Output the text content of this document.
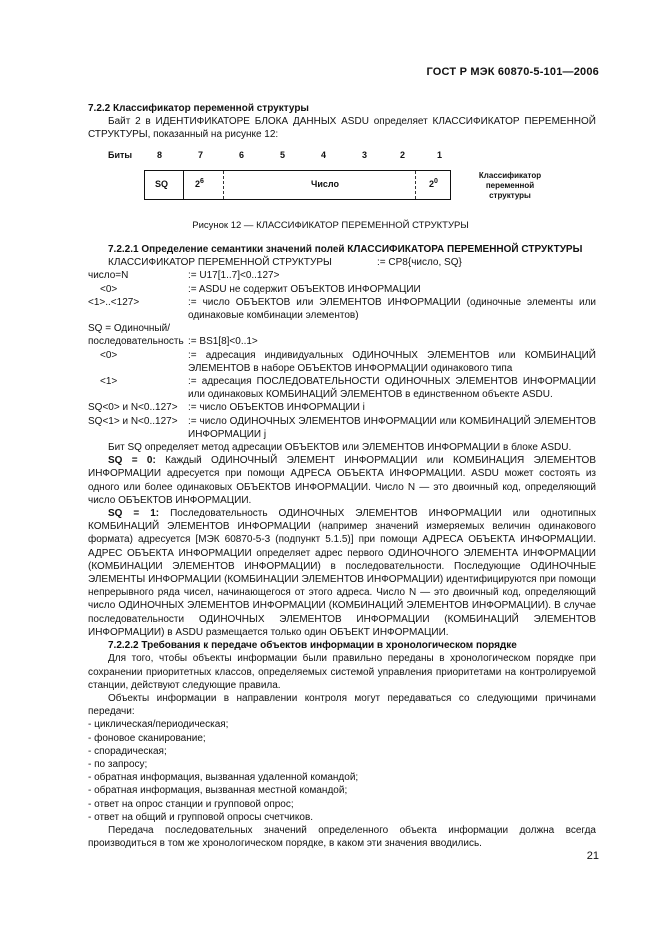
ГОСТ Р МЭК 60870-5-101—2006

7.2.2 Классификатор переменной структуры

Байт 2 в ИДЕНТИФИКАТОРЕ БЛОКА ДАННЫХ ASDU определяет КЛАССИФИКАТОР ПЕРЕМЕННОЙ СТРУКТУРЫ, показанный на рисунке 12:

Биты	8	7	6	5	4	3	2	1
SQ	$2^6$	Число	$2^0$
Классификатор переменной структуры
Рисунок 12 — КЛАССИФИКАТОР ПЕРЕМЕННОЙ СТРУКТУРЫ

7.2.2.1 Определение семантики значений полей КЛАССИФИКАТОРА ПЕРЕМЕННОЙ СТРУКТУРЫ

КЛАССИФИКАТОР ПЕРЕМЕННОЙ СТРУКТУРЫ	:= CP8{число, SQ}
число=N	:= U17[1..7]<0..127>
<0>	:= ASDU не содержит ОБЪЕКТОВ ИНФОРМАЦИИ
<1>..<127>	:= число ОБЪЕКТОВ или ЭЛЕМЕНТОВ ИНФОРМАЦИИ (одиночные элементы или одинаковые комбинации элементов)
SQ = Одиночный/	
последовательность	:= BS1[8]<0..1>
<0>	:= адресация индивидуальных ОДИНОЧНЫХ ЭЛЕМЕНТОВ или КОМБИНАЦИЙ ЭЛЕМЕНТОВ в наборе ОБЪЕКТОВ ИНФОРМАЦИИ одинакового типа
<1>	:= адресация ПОСЛЕДОВАТЕЛЬНОСТИ ОДИНОЧНЫХ ЭЛЕМЕНТОВ ИНФОРМАЦИИ или одинаковых КОМБИНАЦИЙ ЭЛЕМЕНТОВ в единственном объекте ASDU.
SQ<0> и N<0..127>	:= число ОБЪЕКТОВ ИНФОРМАЦИИ i
SQ<1> и N<0..127>	:= число ОДИНОЧНЫХ ЭЛЕМЕНТОВ ИНФОРМАЦИИ или КОМБИНАЦИЙ ЭЛЕМЕНТОВ ИНФОРМАЦИИ j

Бит SQ определяет метод адресации ОБЪЕКТОВ или ЭЛЕМЕНТОВ ИНФОРМАЦИИ в блоке ASDU.

SQ = 0: Каждый ОДИНОЧНЫЙ ЭЛЕМЕНТ ИНФОРМАЦИИ или КОМБИНАЦИЯ ЭЛЕМЕНТОВ ИНФОРМАЦИИ адресуется при помощи АДРЕСА ОБЪЕКТА ИНФОРМАЦИИ. ASDU может состоять из одного или более одинаковых ОБЪЕКТОВ ИНФОРМАЦИИ. Число N — это двоичный код, определяющий число ОБЪЕКТОВ ИНФОРМАЦИИ.

SQ = 1: Последовательность ОДИНОЧНЫХ ЭЛЕМЕНТОВ ИНФОРМАЦИИ или однотипных КОМБИНАЦИЙ ЭЛЕМЕНТОВ ИНФОРМАЦИИ (например значений измеряемых величин одинакового формата) адресуется [МЭК 60870-5-3 (подпункт 5.1.5)] при помощи АДРЕСА ОБЪЕКТА ИНФОРМАЦИИ. АДРЕС ОБЪЕКТА ИНФОРМАЦИИ определяет адрес первого ОДИНОЧНОГО ЭЛЕМЕНТА ИНФОРМАЦИИ (КОМБИНАЦИИ ЭЛЕМЕНТОВ ИНФОРМАЦИИ) в последовательности. Последующие ОДИНОЧНЫЕ ЭЛЕМЕНТЫ ИНФОРМАЦИИ (КОМБИНАЦИИ ЭЛЕМЕНТОВ ИНФОРМАЦИИ) идентифицируются при помощи непрерывного ряда чисел, начинающегося от этого адреса. Число N — это двоичный код, определяющий число ОДИНОЧНЫХ ЭЛЕМЕНТОВ ИНФОРМАЦИИ (КОМБИНАЦИЙ ЭЛЕМЕНТОВ ИНФОРМАЦИИ). В случае последовательности ОДИНОЧНЫХ ЭЛЕМЕНТОВ ИНФОРМАЦИИ (КОМБИНАЦИЙ ЭЛЕМЕНТОВ ИНФОРМАЦИИ) в ASDU размещается только один ОБЪЕКТ ИНФОРМАЦИИ.

7.2.2.2 Требования к передаче объектов информации в хронологическом порядке

Для того, чтобы объекты информации были правильно переданы в хронологическом порядке при сохранении приоритетных классов, определяемых системой управления приоритетами на контролируемой станции, действуют следующие правила.

Объекты информации в направлении контроля могут передаваться со следующими причинами передачи:

- циклическая/периодическая;
- фоновое сканирование;
- спорадическая;
- по запросу;
- обратная информация, вызванная удаленной командой;
- обратная информация, вызванная местной командой;
- ответ на опрос станции и групповой опрос;
- ответ на общий и групповой опросы счетчиков.

Передача последовательных значений определенного объекта информации должна всегда производиться в том же хронологическом порядке, в каком эти значения вводились.

21
